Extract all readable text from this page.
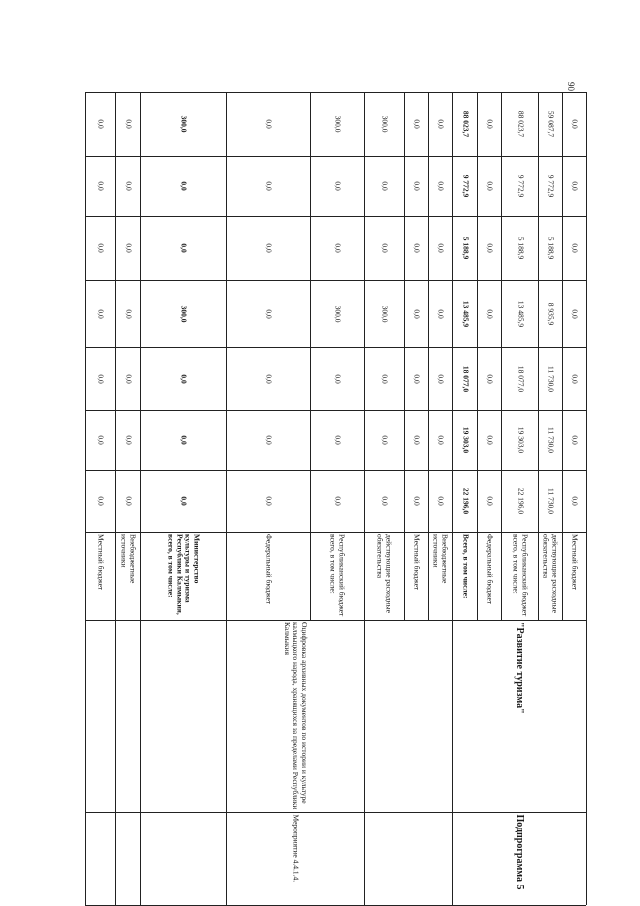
90
Местный бюджет
0,0
0,0
0,0
0,0
0,0
0,0
0,0
Внебюджетные источники
0,0
0,0
0,0
0,0
0,0
0,0
0,0
Министерство культуры и туризма Республики Калмыкия, всего, в том числе:
300,0
0,0
0,0
300,0
0,0
0,0
0,0
Федеральный бюджет
0,0
0,0
0,0
0,0
0,0
0,0
0,0
Республиканский бюджет всего, в том числе:
300,0
0,0
0,0
300,0
0,0
0,0
0,0
действующие расходные обязательства
300,0
0,0
0,0
300,0
0,0
0,0
0,0
Местный бюджет
0,0
0,0
0,0
0,0
0,0
0,0
0,0
Внебюджетные источники
0,0
0,0
0,0
0,0
0,0
0,0
0,0
Всего, в том числе:
88 023,7
9 772,9
5 188,9
13 485,9
18 077,0
19 303,0
22 196,0
Федеральный бюджет
0,0
0,0
0,0
0,0
0,0
0,0
0,0
Республиканский бюджет всего, в том числе:
88 023,7
9 772,9
5 188,9
13 485,9
18 077,0
19 303,0
22 196,0
действующие расходные обязательства
59 087,7
9 772,9
5 188,9
8 935,9
11 730,0
11 730,0
11 730,0
Местный бюджет
0,0
0,0
0,0
0,0
0,0
0,0
0,0
Оцифровка архивных документов по истории и культуре калмыцкого народа, хранящихся за пределами Республики Калмыкия
Мероприятие 4.4.1.4.
"Развитие туризма"
Подпрограмма 5
